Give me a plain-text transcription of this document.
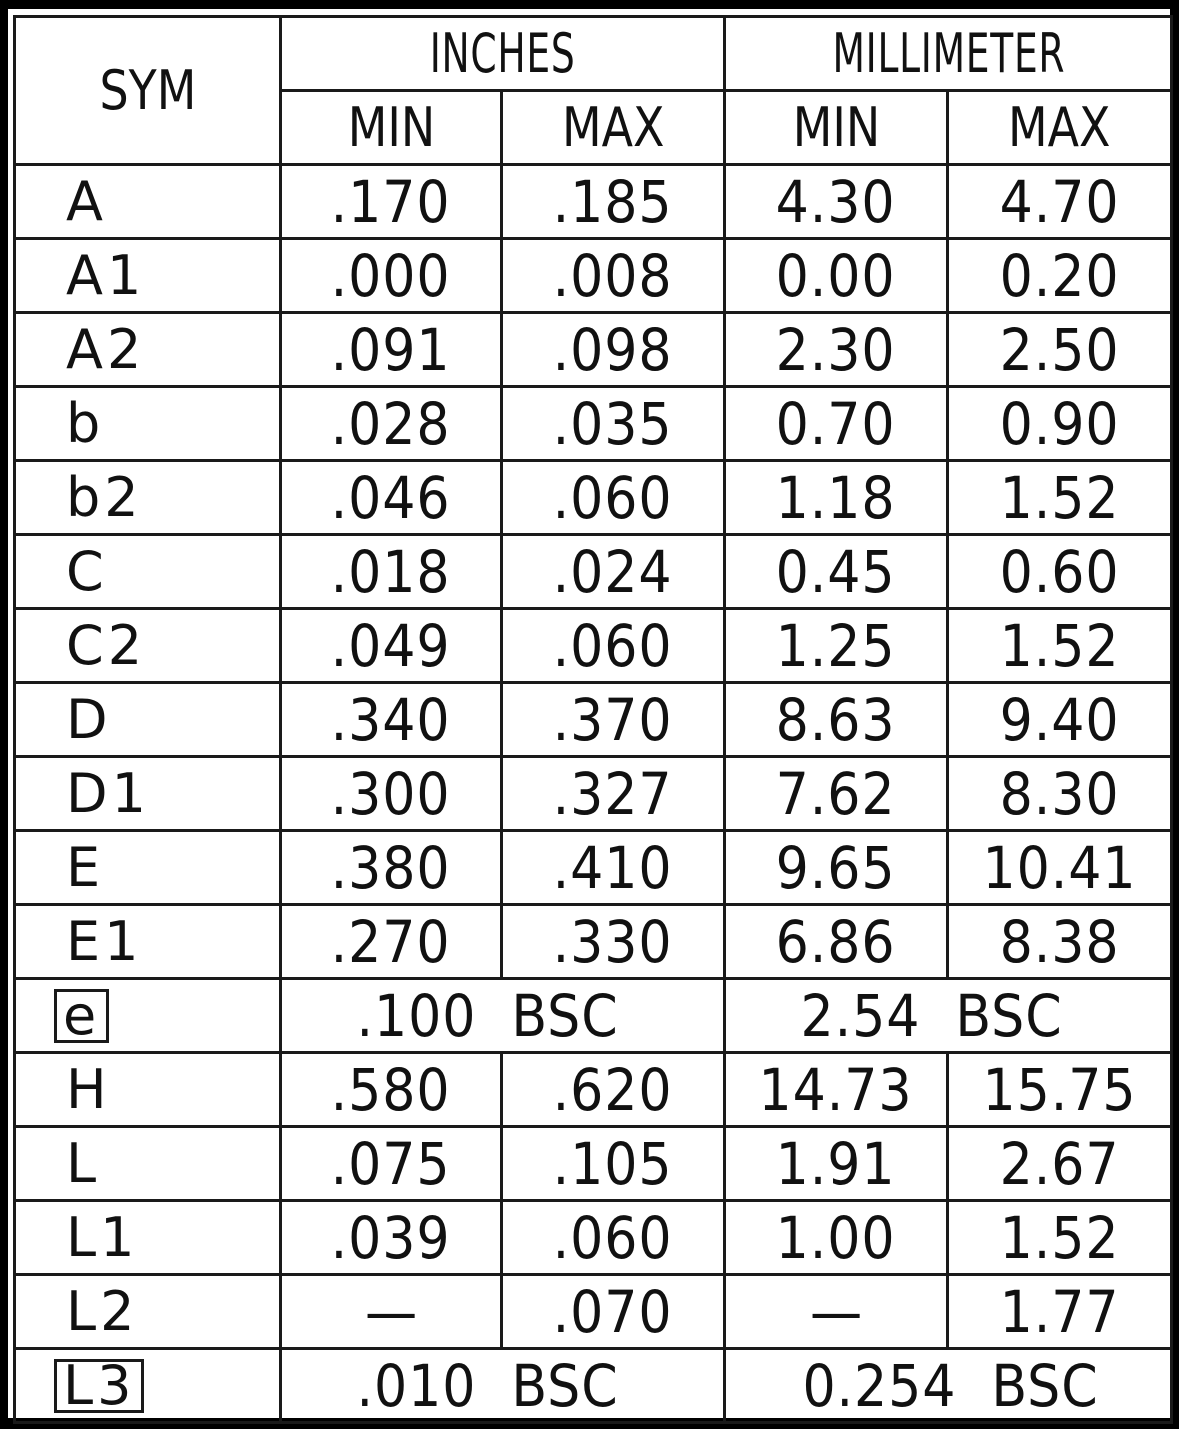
SYM	INCHES		MILLIMETER	
	MIN	MAX	MIN	MAX
A	.170	.185	4.30	4.70
A1	.000	.008	0.00	0.20
A2	.091	.098	2.30	2.50
b	.028	.035	0.70	0.90
b2	.046	.060	1.18	1.52
C	.018	.024	0.45	0.60
C2	.049	.060	1.25	1.52
D	.340	.370	8.63	9.40
D1	.300	.327	7.62	8.30
E	.380	.410	9.65	10.41
E1	.270	.330	6.86	8.38
e	.100  BSC		2.54  BSC	
H	.580	.620	14.73	15.75
L	.075	.105	1.91	2.67
L1	.039	.060	1.00	1.52
L2	—	.070	—	1.77
L3	.010  BSC		0.254  BSC	
